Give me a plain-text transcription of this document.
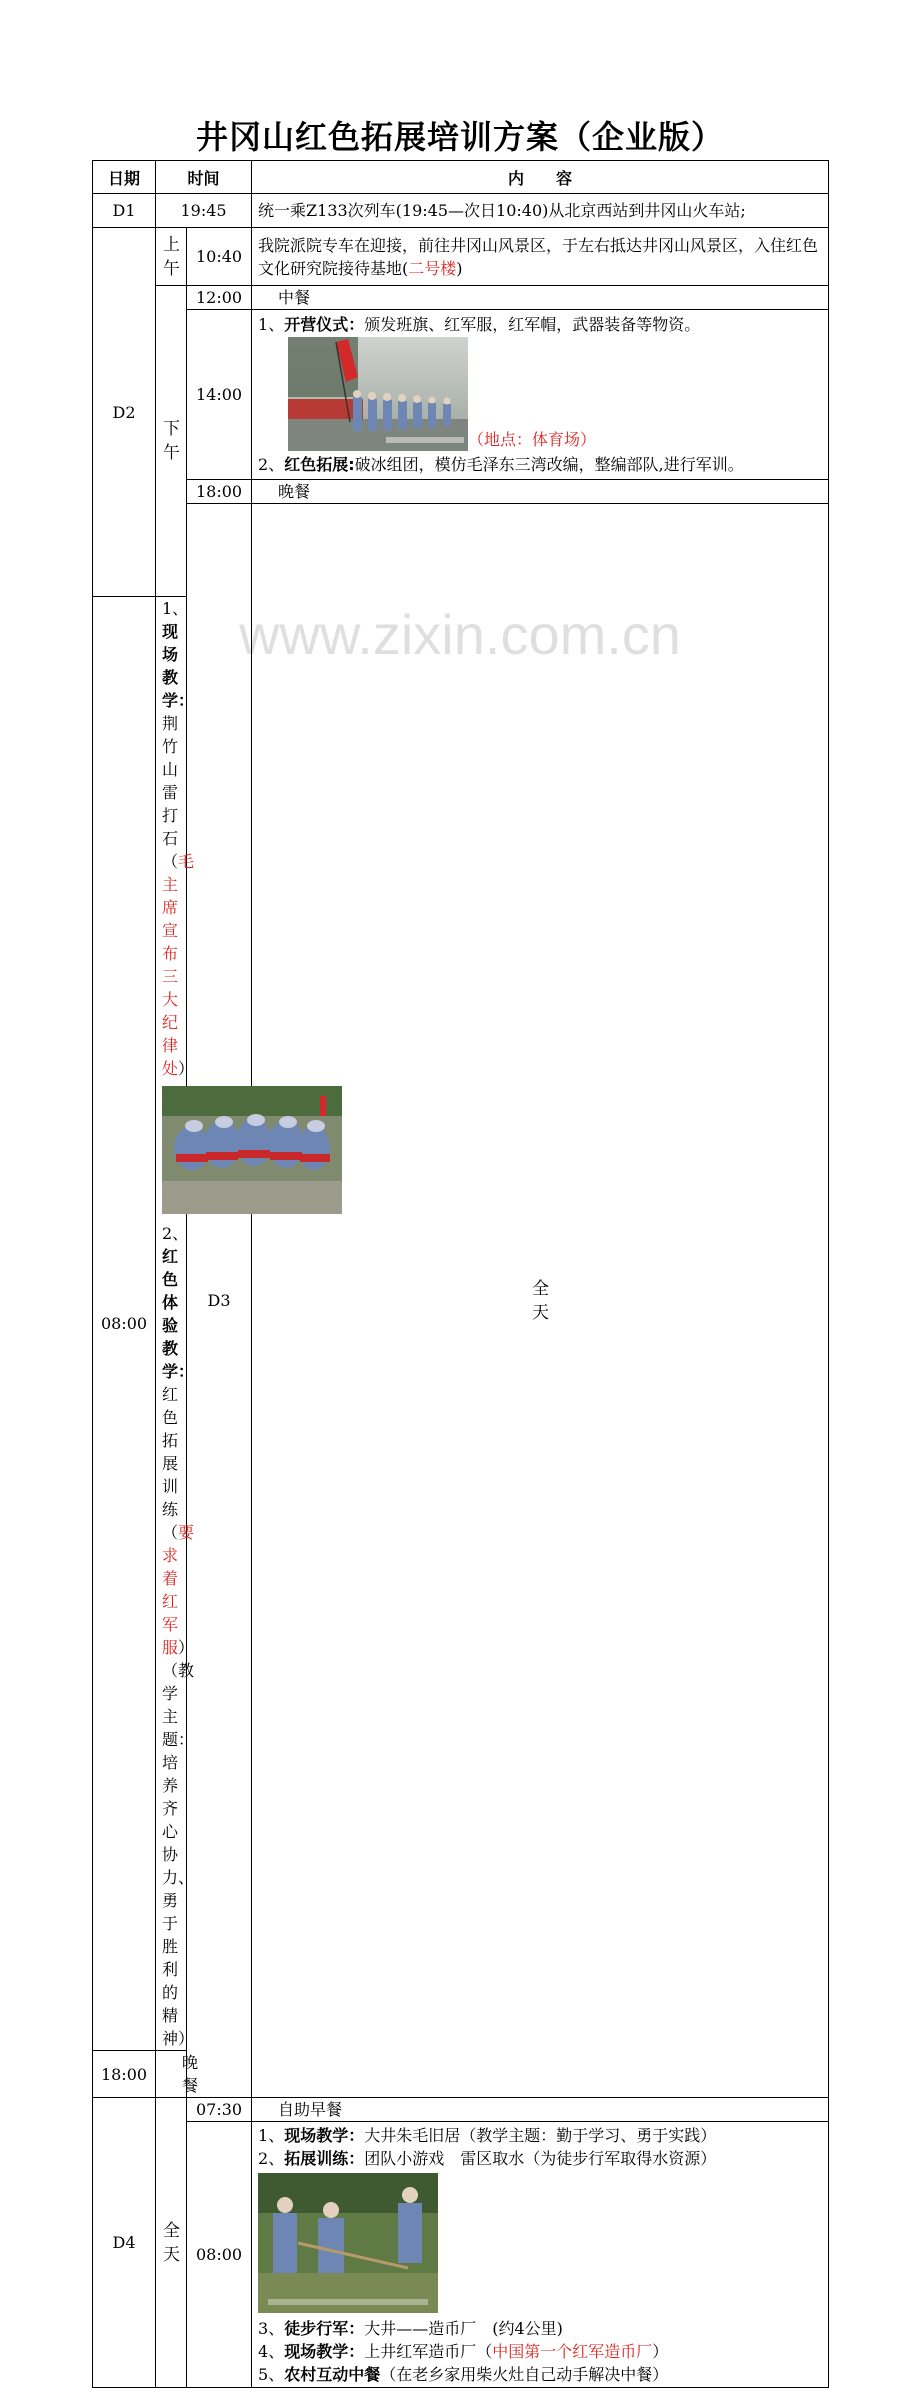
井冈山红色拓展培训方案（企业版）
日期	时间		内　　容	
D1	19:45		统一乘Z133次列车(19:45—次日10:40)从北京西站到井冈山火车站;	
D2	上午	10:40	我院派院专车在迎接，前往井冈山风景区，于左右抵达井冈山风景区，入住红色文化研究院接待基地(二号楼)	

	下午	12:00	中餐	
		14:00	1、开营仪式：颁发班旗、红军服，红军帽，武器装备等物资。
（地点：体育场）
2、红色拓展:破冰组团，模仿毛泽东三湾改编，整编部队,进行军训。	

		18:00	晚餐	
		D3	全天

08:00	1、现场教学：荆竹山雷打石（毛主席宣布三大纪律处）
2、红色体验教学：红色拓展训练（要求着红军服）（教学主题：培养齐心协力、勇于胜利的精神）			

18:00	晚餐			
D4	全天	07:30	自助早餐	
		08:00	1、现场教学：大井朱毛旧居（教学主题：勤于学习、勇于实践）
2、拓展训练：团队小游戏　雷区取水（为徒步行军取得水资源）
3、徒步行军：大井——造币厂　(约4公里)
4、现场教学：上井红军造币厂（中国第一个红军造币厂）
5、农村互动中餐（在老乡家用柴火灶自己动手解决中餐）	
www.zixin.com.cn
